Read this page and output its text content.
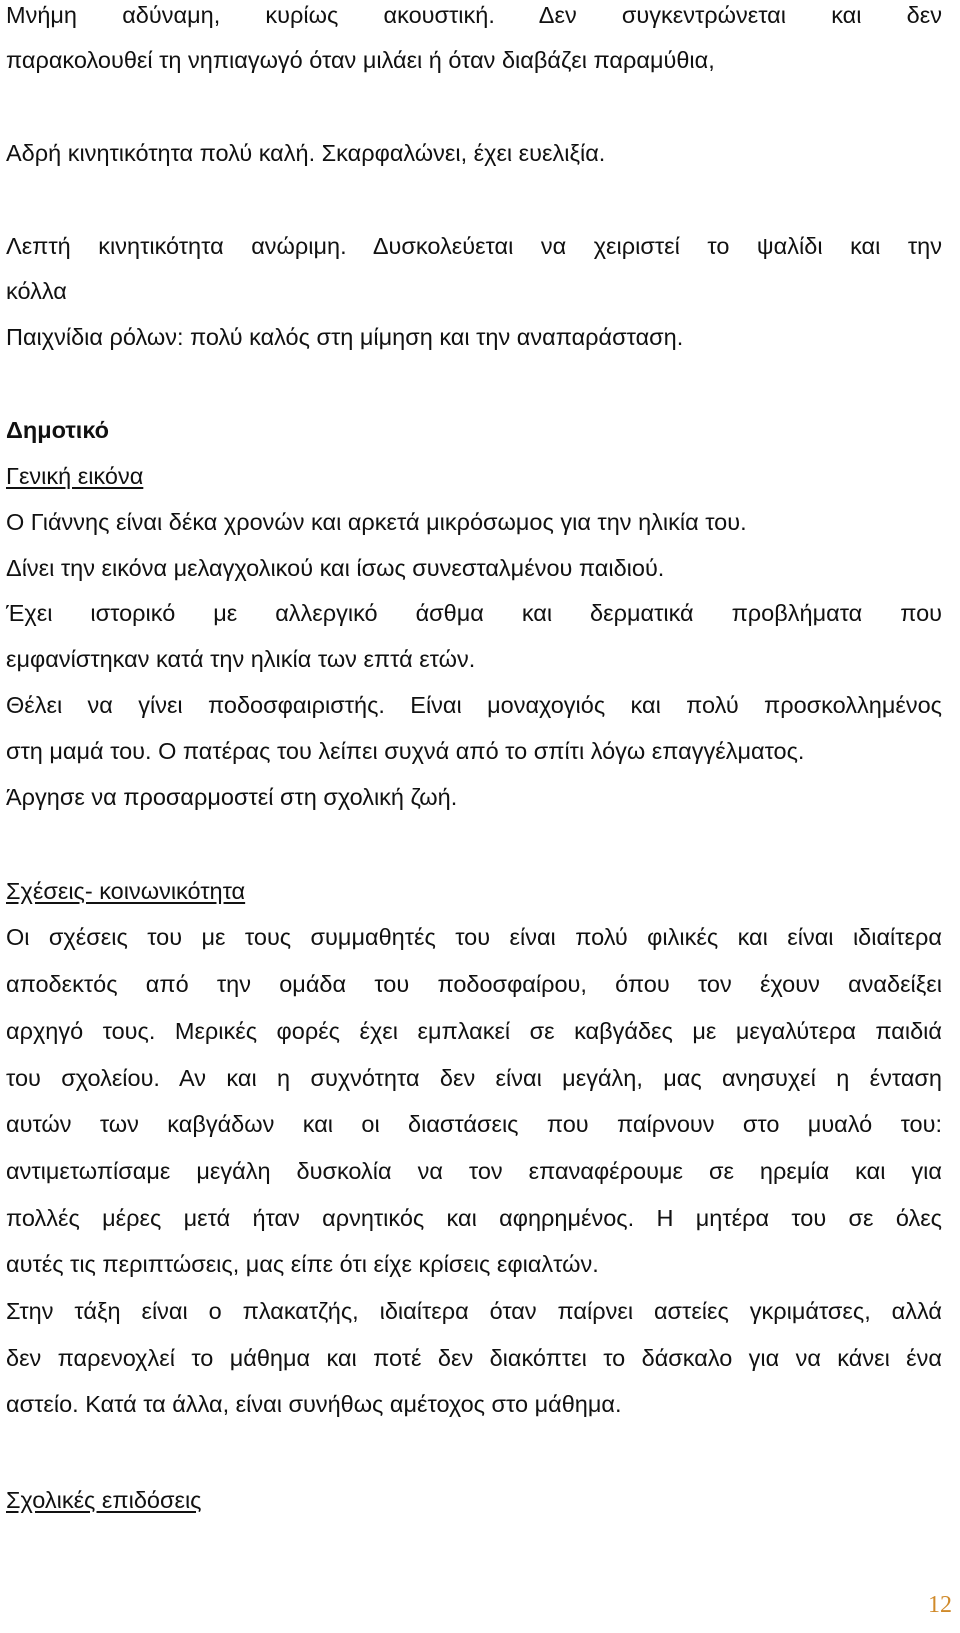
Μνήμη αδύναμη, κυρίως ακουστική. Δεν συγκεντρώνεται και δεν
παρακολουθεί τη νηπιαγωγό όταν μιλάει ή όταν διαβάζει παραμύθια,
Αδρή κινητικότητα πολύ καλή. Σκαρφαλώνει, έχει ευελιξία.
Λεπτή κινητικότητα ανώριμη. Δυσκολεύεται να χειριστεί το ψαλίδι και την
κόλλα
Παιχνίδια ρόλων: πολύ καλός στη μίμηση και την αναπαράσταση.
Δημοτικό
Γενική εικόνα
Ο Γιάννης είναι δέκα χρονών και αρκετά μικρόσωμος για την ηλικία του.
Δίνει την εικόνα μελαγχολικού και ίσως συνεσταλμένου παιδιού.
Έχει ιστορικό με αλλεργικό άσθμα και δερματικά προβλήματα που
εμφανίστηκαν κατά την ηλικία των επτά ετών.
Θέλει να γίνει ποδοσφαιριστής. Είναι μοναχογιός και πολύ προσκολλημένος
στη μαμά του. Ο πατέρας του λείπει συχνά από το σπίτι λόγω επαγγέλματος.
Άργησε να προσαρμοστεί στη σχολική ζωή.
Σχέσεις- κοινωνικότητα
Οι σχέσεις του με τους συμμαθητές του είναι πολύ φιλικές και είναι ιδιαίτερα
αποδεκτός από την ομάδα του ποδοσφαίρου, όπου τον έχουν αναδείξει
αρχηγό τους. Μερικές φορές έχει εμπλακεί σε καβγάδες με μεγαλύτερα παιδιά
του σχολείου. Αν και η συχνότητα δεν είναι μεγάλη, μας ανησυχεί η ένταση
αυτών των καβγάδων και οι διαστάσεις που παίρνουν στο μυαλό του:
αντιμετωπίσαμε μεγάλη δυσκολία να τον επαναφέρουμε σε ηρεμία και για
πολλές μέρες μετά ήταν αρνητικός και αφηρημένος. Η μητέρα του σε όλες
αυτές τις περιπτώσεις, μας είπε ότι είχε κρίσεις εφιαλτών.
Στην τάξη είναι ο πλακατζής, ιδιαίτερα όταν παίρνει αστείες γκριμάτσες, αλλά
δεν παρενοχλεί το μάθημα και ποτέ δεν διακόπτει το δάσκαλο για να κάνει ένα
αστείο. Κατά τα άλλα, είναι συνήθως αμέτοχος στο μάθημα.
Σχολικές επιδόσεις
12
